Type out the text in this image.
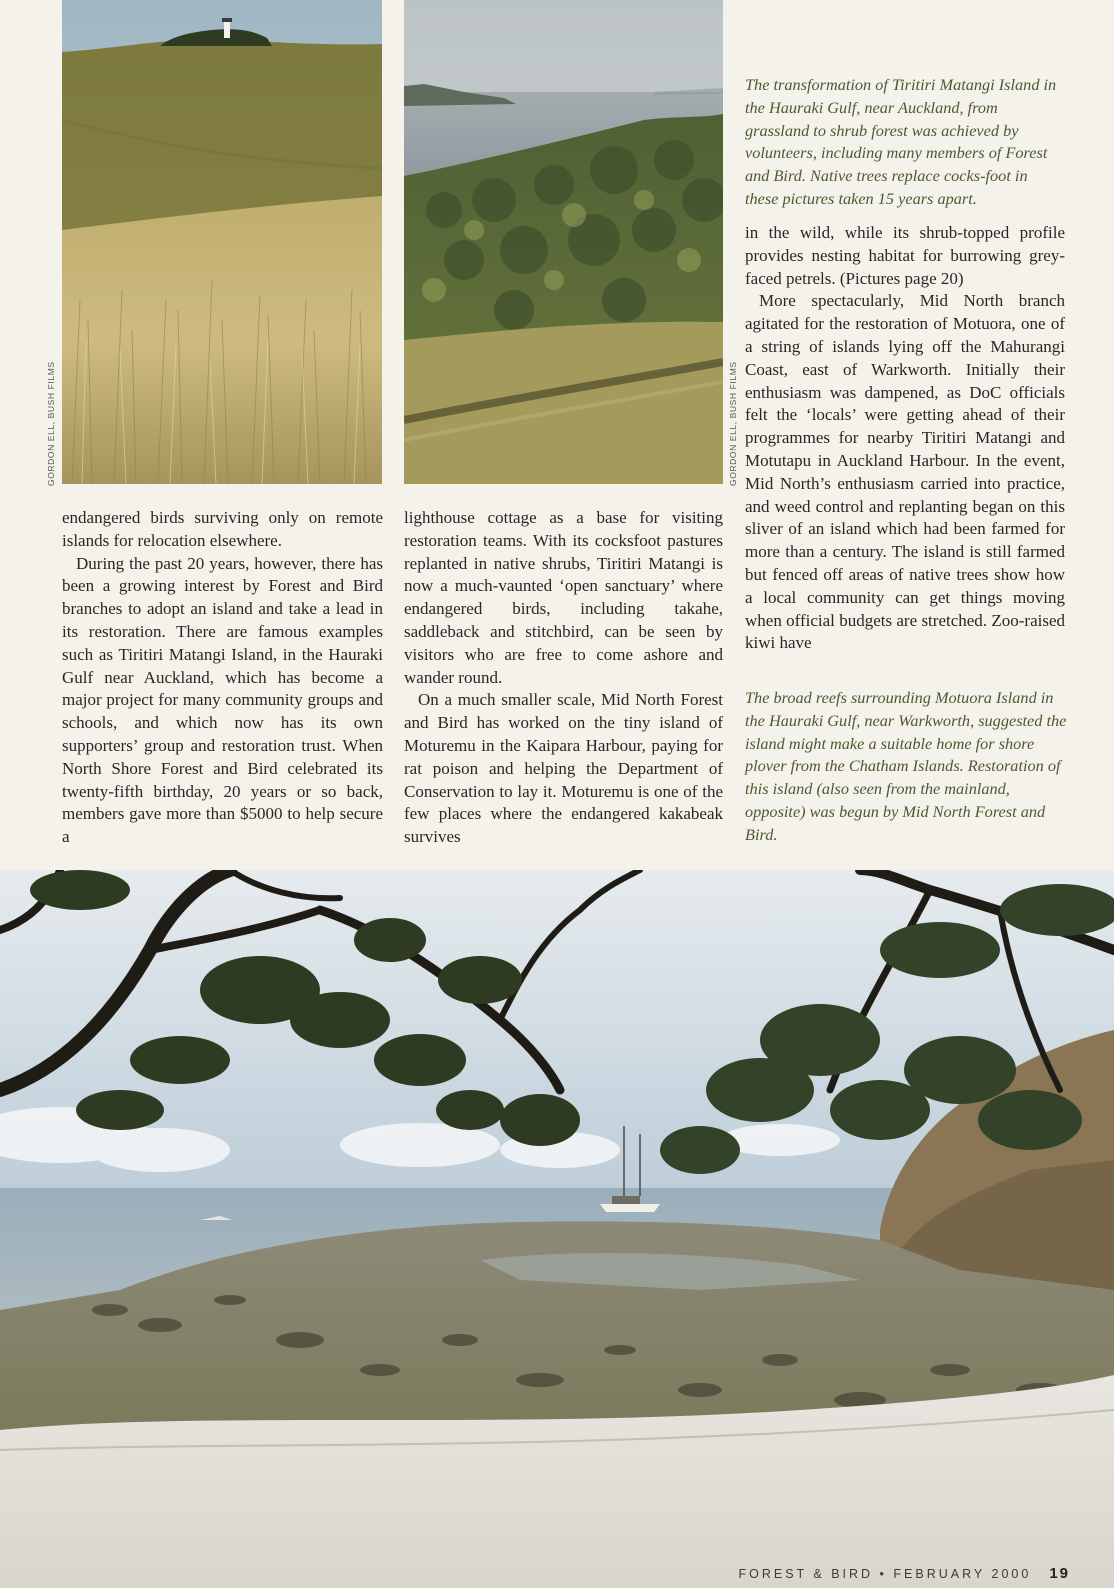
GORDON ELL, BUSH FILMS	GORDON ELL, BUSH FILMS
The transformation of Tiritiri Matangi Island in the Hauraki Gulf, near Auckland, from grassland to shrub forest was achieved by volunteers, including many members of Forest and Bird. Native trees replace cocks-foot in these pictures taken 15 years apart.

endangered birds surviving only on remote islands for relocation elsewhere.

During the past 20 years, however, there has been a growing interest by Forest and Bird branches to adopt an island and take a lead in its restoration. There are famous examples such as Tiritiri Matangi Island, in the Hauraki Gulf near Auckland, which has become a major project for many community groups and schools, and which now has its own supporters’ group and restoration trust. When North Shore Forest and Bird celebrated its twenty-fifth birthday, 20 years or so back, members gave more than $5000 to help secure a

lighthouse cottage as a base for visiting restoration teams. With its cocksfoot pastures replanted in native shrubs, Tiritiri Matangi is now a much-vaunted ‘open sanctuary’ where endangered birds, including takahe, saddleback and stitchbird, can be seen by visitors who are free to come ashore and wander round.

On a much smaller scale, Mid North Forest and Bird has worked on the tiny island of Moturemu in the Kaipara Harbour, paying for rat poison and helping the Department of Conservation to lay it. Moturemu is one of the few places where the endangered kakabeak survives

in the wild, while its shrub-topped profile provides nesting habitat for burrowing grey-faced petrels. (Pictures page 20)

More spectacularly, Mid North branch agitated for the restoration of Motuora, one of a string of islands lying off the Mahurangi Coast, east of Warkworth. Initially their enthusiasm was dampened, as DoC officials felt the ‘locals’ were getting ahead of their programmes for nearby Tiritiri Matangi and Motutapu in Auckland Harbour. In the event, Mid North’s enthusiasm carried into practice, and weed control and replanting began on this sliver of an island which had been farmed for more than a century. The island is still farmed but fenced off areas of native trees show how a local community can get things moving when official budgets are stretched. Zoo-raised kiwi have

The broad reefs surrounding Motuora Island in the Hauraki Gulf, near Warkworth, suggested the island might make a suitable home for shore plover from the Chatham Islands. Restoration of this island (also seen from the mainland, opposite) was begun by Mid North Forest and Bird.
FOREST & BIRD • FEBRUARY 2000 19
